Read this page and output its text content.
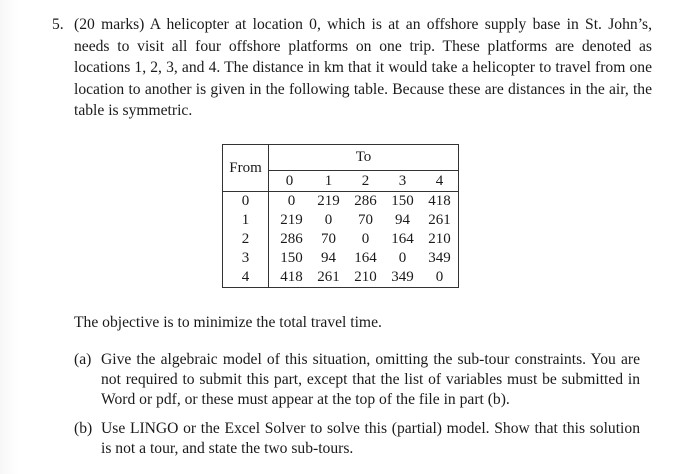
5. (20 marks) A helicopter at location 0, which is at an offshore supply base in St. John’s, needs to visit all four offshore platforms on one trip. These platforms are denoted as locations 1, 2, 3, and 4. The distance in km that it would take a helicopter to travel from one location to another is given in the following table. Because these are distances in the air, the table is symmetric.
From	To				
	0	1	2	3	4
0	0	219	286	150	418
1	219	0	70	94	261
2	286	70	0	164	210
3	150	94	164	0	349
4	418	261	210	349	0
The objective is to minimize the total travel time.
(a) Give the algebraic model of this situation, omitting the sub-tour constraints. You are not required to submit this part, except that the list of variables must be submitted in Word or pdf, or these must appear at the top of the file in part (b).
(b) Use LINGO or the Excel Solver to solve this (partial) model. Show that this solution is not a tour, and state the two sub-tours.
